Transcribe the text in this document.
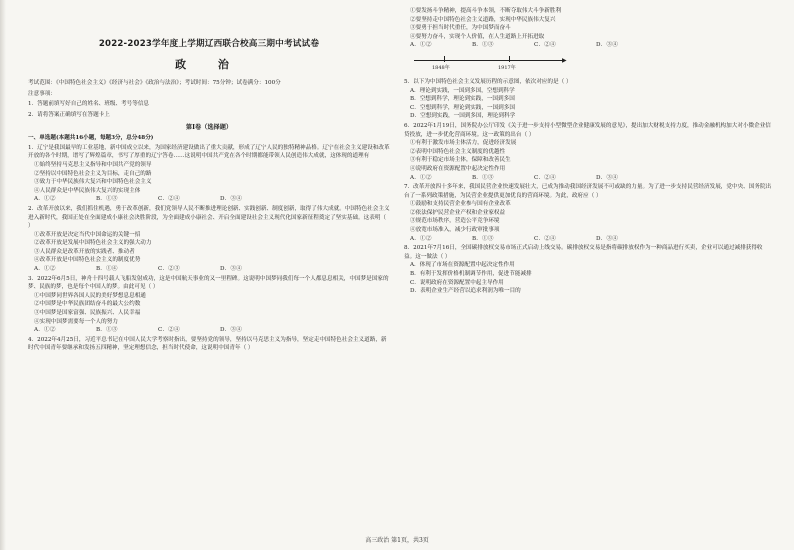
2022-2023学年度上学期辽西联合校高三期中考试试卷
政 治

考试范围：《中国特色社会主义》《经济与社会》《政治与法治》；考试时间：75分钟；试卷满分：100分

注意事项：

1．答题前填写好自己的姓名、班级、考号等信息

2．请将答案正确填写在答题卡上

第Ⅰ卷（选择题）

一、单选题(本题共16小题，每题3分，总分48分)

1．辽宁是我国最早的工业基地，新中国成立以来，为国家经济建设做出了重大贡献，形成了辽宁人民的独特精神品格。辽宁在社会主义建设和改革开放的各个时期，谱写了辉煌篇章，书写了厚重的辽宁答卷……这说明中国共产党在各个时期都能带领人民创造伟大成就，这体现的道理有

①始终坚持马克思主义指导和中国共产党的领导

②坚持以中国特色社会主义为目标，走自己的路

③致力于中华民族伟大复兴和中国特色社会主义

④人民群众是中华民族伟大复兴的实现主体

A．①②	B．①③	C．②④	D．③④

2．改革开放以来，我们抓住机遇，勇于改革创新，我们党领导人民不断推进理论创新、实践创新、制度创新，取得了伟大成就。中国特色社会主义进入新时代，我国正处在全面建成小康社会决胜阶段，为全面建成小康社会、开启全面建设社会主义现代化国家新征程奠定了坚实基础。这表明（ ）

①改革开放是决定当代中国命运的关键一招

②改革开放是发展中国特色社会主义的强大动力

③人民群众是改革开放的实践者、推动者

④改革开放是中国特色社会主义的制度优势

A．①②	B．①④	C．②③	D．③④

3．2022年6月5日，神舟十四号载人飞船发射成功，这是中国航天事业的又一里程碑。这说明中国梦同我们每一个人都息息相关，中国梦是国家的梦、民族的梦，也是每个中国人的梦。由此可见（ ）

①中国梦同世界各国人民的美好梦想息息相通

②中国梦是中华民族团结奋斗的最大公约数

③中国梦是国家富强、民族振兴、人民幸福

④实现中国梦需要每一个人的努力

A．①②	B．①③	C．②④	D．③④

4．2022年4月25日，习近平总书记在中国人民大学考察时指出，要坚持党的领导，坚持以马克思主义为指导，坚定走中国特色社会主义道路，新时代中国青年要继承和发扬五四精神，坚定理想信念，担当时代使命，这说明中国青年（ ）

①要发扬斗争精神，提高斗争本领，不断夺取伟大斗争新胜利

②要坚持走中国特色社会主义道路，实现中华民族伟大复兴

③要勇于担当时代重任，为中国梦而奋斗

④要努力奋斗，实现个人价值，在人生道路上开拓进取

A．①②	B．①③	C．②④	D．③④

▶
1848年	1917年

5．以下为中国特色社会主义发展历程的示意图，依次对应的是（ ）

A．理论到实践，一国到多国，空想到科学

B．空想到科学，理论到实践，一国到多国

C．空想到科学，理论到实践，一国到多国

D．空想到实践，一国到多国，理论到科学

6．2022年1月19日，国务院办公厅印发《关于进一步支持小型微型企业健康发展的意见》，提出加大财税支持力度，推动金融机构加大对小微企业信贷投放，进一步优化营商环境。这一政策的出台（ ）

①有利于激发市场主体活力，促进经济发展

②表明中国特色社会主义制度的优越性

③有利于稳定市场主体，保障和改善民生

④说明政府在资源配置中起决定性作用

A．①②	B．①③	C．②④	D．③④

7．改革开放四十多年来，我国民营企业快速发展壮大，已成为推动我国经济发展不可或缺的力量。为了进一步支持民营经济发展，党中央、国务院出台了一系列政策措施，为民营企业提供更加优良的营商环境。为此，政府应（ ）

①鼓励和支持民营企业参与国有企业改革

②依法保护民营企业产权和企业家权益

③规范市场秩序，营造公平竞争环境

④放宽市场准入，减少行政审批事项

A．①②	B．①③	C．②④	D．③④

8．2021年7月16日，全国碳排放权交易市场正式启动上线交易。碳排放权交易是指将碳排放权作为一种商品进行买卖，企业可以通过减排获得收益。这一做法（ ）

A．体现了市场在资源配置中起决定性作用

B．有利于发挥价格机制调节作用，促进节能减排

C．说明政府在资源配置中起主导作用

D．表明企业生产经营以追求利润为唯一目的

高三政治 第1页，共3页
